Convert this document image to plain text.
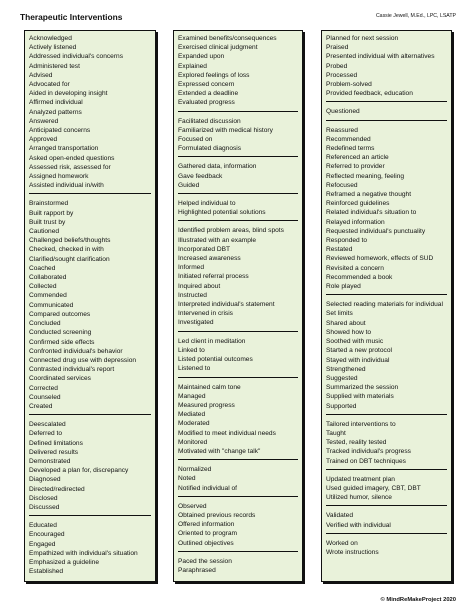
Therapeutic Interventions	Cassie Jewell, M.Ed., LPC, LSATP
Acknowledged
Actively listened
Addressed individual's concerns
Administered test
Advised
Advocated for
Aided in developing insight
Affirmed individual
Analyzed patterns
Answered
Anticipated concerns
Approved
Arranged transportation
Asked open-ended questions
Assessed risk, assessed for
Assigned homework
Assisted individual in/with
Brainstormed
Built rapport by
Built trust by
Cautioned
Challenged beliefs/thoughts
Checked, checked in with
Clarified/sought clarification
Coached
Collaborated
Collected
Commended
Communicated
Compared outcomes
Concluded
Conducted screening
Confirmed side effects
Confronted individual's behavior
Connected drug use with depression
Contrasted individual's report
Coordinated services
Corrected
Counseled
Created
Deescalated
Deferred to
Defined limitations
Delivered results
Demonstrated
Developed a plan for, discrepancy
Diagnosed
Directed/redirected
Disclosed
Discussed
Educated
Encouraged
Engaged
Empathized with individual's situation
Emphasized a guideline
Established
Examined benefits/consequences
Exercised clinical judgment
Expanded upon
Explained
Explored feelings of loss
Expressed concern
Extended a deadline
Evaluated progress
Facilitated discussion
Familiarized with medical history
Focused on
Formulated diagnosis
Gathered data, information
Gave feedback
Guided
Helped individual to
Highlighted potential solutions
Identified problem areas, blind spots
Illustrated with an example
Incorporated DBT
Increased awareness
Informed
Initiated referral process
Inquired about
Instructed
Interpreted individual's statement
Intervened in crisis
Investigated
Led client in meditation
Linked to
Listed potential outcomes
Listened to
Maintained calm tone
Managed
Measured progress
Mediated
Moderated
Modified to meet individual needs
Monitored
Motivated with "change talk"
Normalized
Noted
Notified individual of
Observed
Obtained previous records
Offered information
Oriented to program
Outlined objectives
Paced the session
Paraphrased
Planned for next session
Praised
Presented individual with alternatives
Probed
Processed
Problem-solved
Provided feedback, education
Questioned
Reassured
Recommended
Redefined terms
Referenced an article
Referred to provider
Reflected meaning, feeling
Refocused
Reframed a negative thought
Reinforced guidelines
Related individual's situation to
Relayed information
Requested individual's punctuality
Responded to
Restated
Reviewed homework, effects of SUD
Revisited a concern
Recommended a book
Role played
Selected reading materials for individual
Set limits
Shared about
Showed how to
Soothed with music
Started a new protocol
Stayed with individual
Strengthened
Suggested
Summarized the session
Supplied with materials
Supported
Tailored interventions to
Taught
Tested, reality tested
Tracked individual's progress
Trained on DBT techniques
Updated treatment plan
Used guided imagery, CBT, DBT
Utilized humor, silence
Validated
Verified with individual
Worked on
Wrote instructions
© MindReMakeProject 2020
